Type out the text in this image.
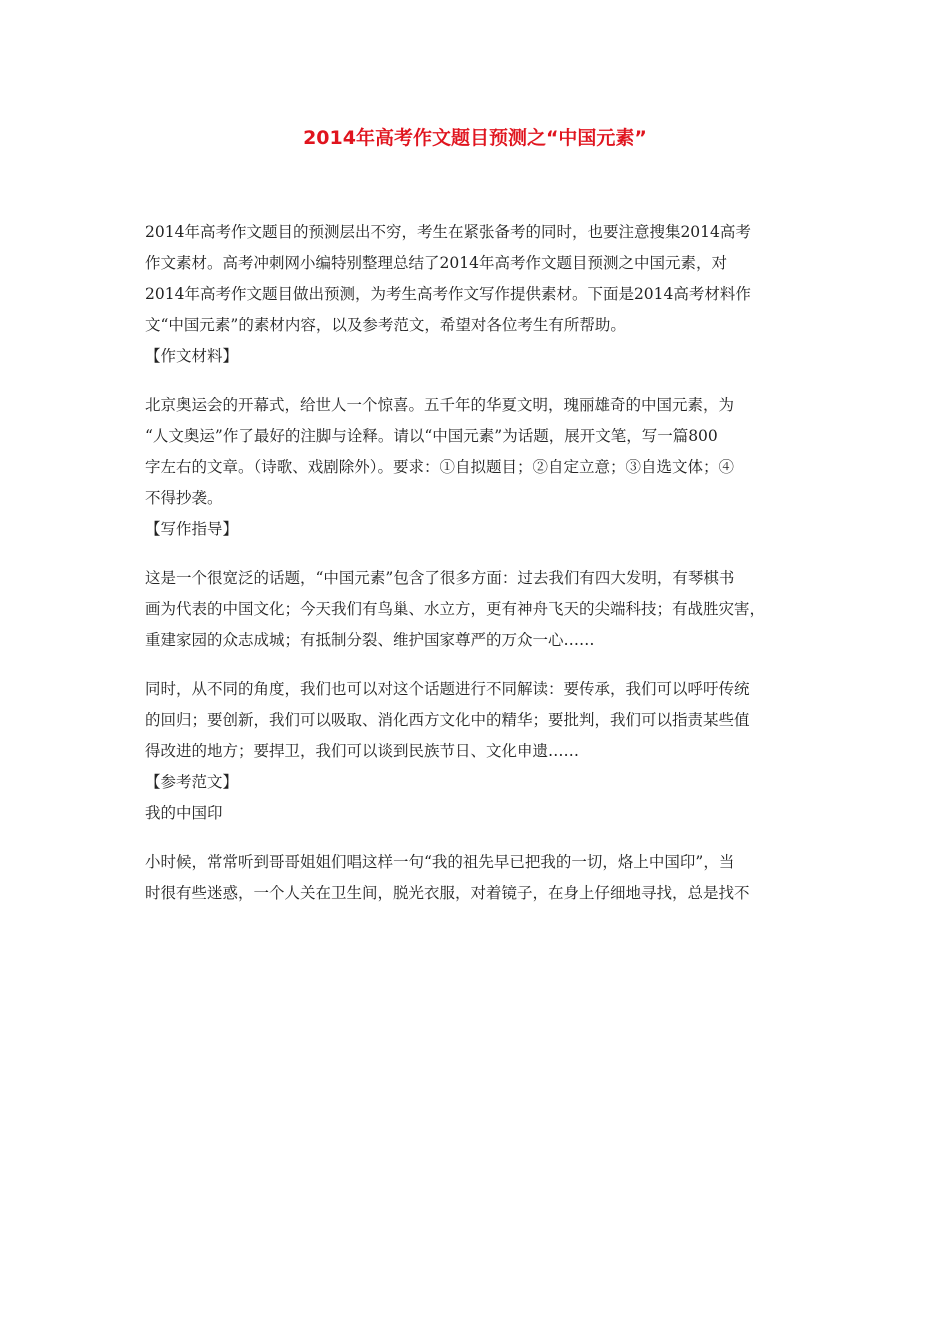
2014年高考作文题目预测之“中国元素”

2014年高考作文题目的预测层出不穷，考生在紧张备考的同时，也要注意搜集2014高考
作文素材。高考冲刺网小编特别整理总结了2014年高考作文题目预测之中国元素，对
2014年高考作文题目做出预测，为考生高考作文写作提供素材。下面是2014高考材料作
文“中国元素”的素材内容，以及参考范文，希望对各位考生有所帮助。

【作文材料】

北京奥运会的开幕式，给世人一个惊喜。五千年的华夏文明，瑰丽雄奇的中国元素，为
“人文奥运”作了最好的注脚与诠释。请以“中国元素”为话题，展开文笔，写一篇800
字左右的文章。（诗歌、戏剧除外）。要求：①自拟题目；②自定立意；③自选文体；④
不得抄袭。

【写作指导】

这是一个很宽泛的话题，“中国元素”包含了很多方面：过去我们有四大发明，有琴棋书
画为代表的中国文化；今天我们有鸟巢、水立方，更有神舟飞天的尖端科技；有战胜灾害，
重建家园的众志成城；有抵制分裂、维护国家尊严的万众一心……

同时，从不同的角度，我们也可以对这个话题进行不同解读：要传承，我们可以呼吁传统
的回归；要创新，我们可以吸取、消化西方文化中的精华；要批判，我们可以指责某些值
得改进的地方；要捍卫，我们可以谈到民族节日、文化申遗……

【参考范文】

我的中国印

小时候，常常听到哥哥姐姐们唱这样一句“我的祖先早已把我的一切，烙上中国印”，当
时很有些迷惑，一个人关在卫生间，脱光衣服，对着镜子，在身上仔细地寻找，总是找不
